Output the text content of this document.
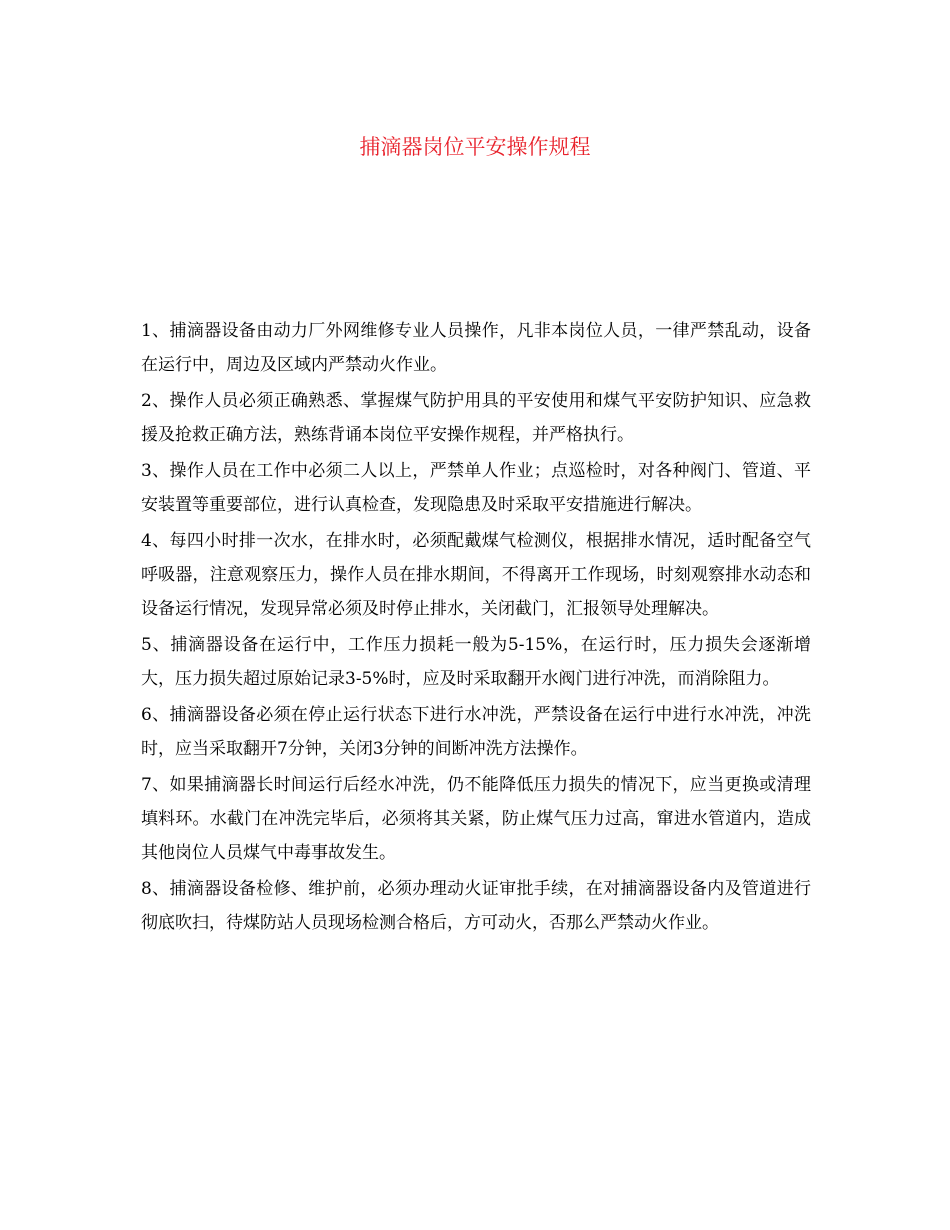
捕滴器岗位平安操作规程

1、捕滴器设备由动力厂外网维修专业人员操作，凡非本岗位人员，一律严禁乱动，设备在运行中，周边及区域内严禁动火作业。

2、操作人员必须正确熟悉、掌握煤气防护用具的平安使用和煤气平安防护知识、应急救援及抢救正确方法，熟练背诵本岗位平安操作规程，并严格执行。

3、操作人员在工作中必须二人以上，严禁单人作业；点巡检时，对各种阀门、管道、平安装置等重要部位，进行认真检查，发现隐患及时采取平安措施进行解决。

4、每四小时排一次水，在排水时，必须配戴煤气检测仪，根据排水情况，适时配备空气呼吸器，注意观察压力，操作人员在排水期间，不得离开工作现场，时刻观察排水动态和设备运行情况，发现异常必须及时停止排水，关闭截门，汇报领导处理解决。

5、捕滴器设备在运行中，工作压力损耗一般为5-15%，在运行时，压力损失会逐渐增大，压力损失超过原始记录3-5%时，应及时采取翻开水阀门进行冲洗，而消除阻力。

6、捕滴器设备必须在停止运行状态下进行水冲洗，严禁设备在运行中进行水冲洗，冲洗时，应当采取翻开7分钟，关闭3分钟的间断冲洗方法操作。

7、如果捕滴器长时间运行后经水冲洗，仍不能降低压力损失的情况下，应当更换或清理填料环。水截门在冲洗完毕后，必须将其关紧，防止煤气压力过高，窜进水管道内，造成其他岗位人员煤气中毒事故发生。

8、捕滴器设备检修、维护前，必须办理动火证审批手续，在对捕滴器设备内及管道进行彻底吹扫，待煤防站人员现场检测合格后，方可动火，否那么严禁动火作业。
